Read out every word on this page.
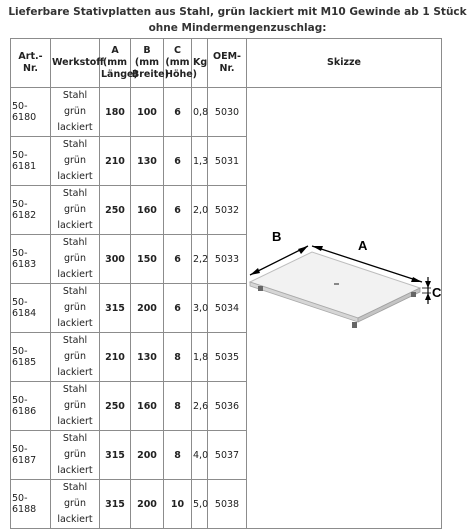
Lieferbare Stativplatten aus Stahl, grün lackiert mit M10 Gewinde ab 1 Stück ohne Mindermengenzuschlag:
Art.-Nr.	Werkstoff	A (mm Länge)	B (mm Breite)	C (mm Höhe)	Kg	OEM-Nr.	Skizze
50-6180	Stahl grün lackiert	180	100	6	0,8	5030	B
A
C

50-6181	Stahl grün lackiert	210	130	6	1,3	5031	
50-6182	Stahl grün lackiert	250	160	6	2,0	5032	
50-6183	Stahl grün lackiert	300	150	6	2,2	5033	
50-6184	Stahl grün lackiert	315	200	6	3,0	5034	
50-6185	Stahl grün lackiert	210	130	8	1,8	5035	
50-6186	Stahl grün lackiert	250	160	8	2,6	5036	
50-6187	Stahl grün lackiert	315	200	8	4,0	5037	
50-6188	Stahl grün lackiert	315	200	10	5,0	5038	
